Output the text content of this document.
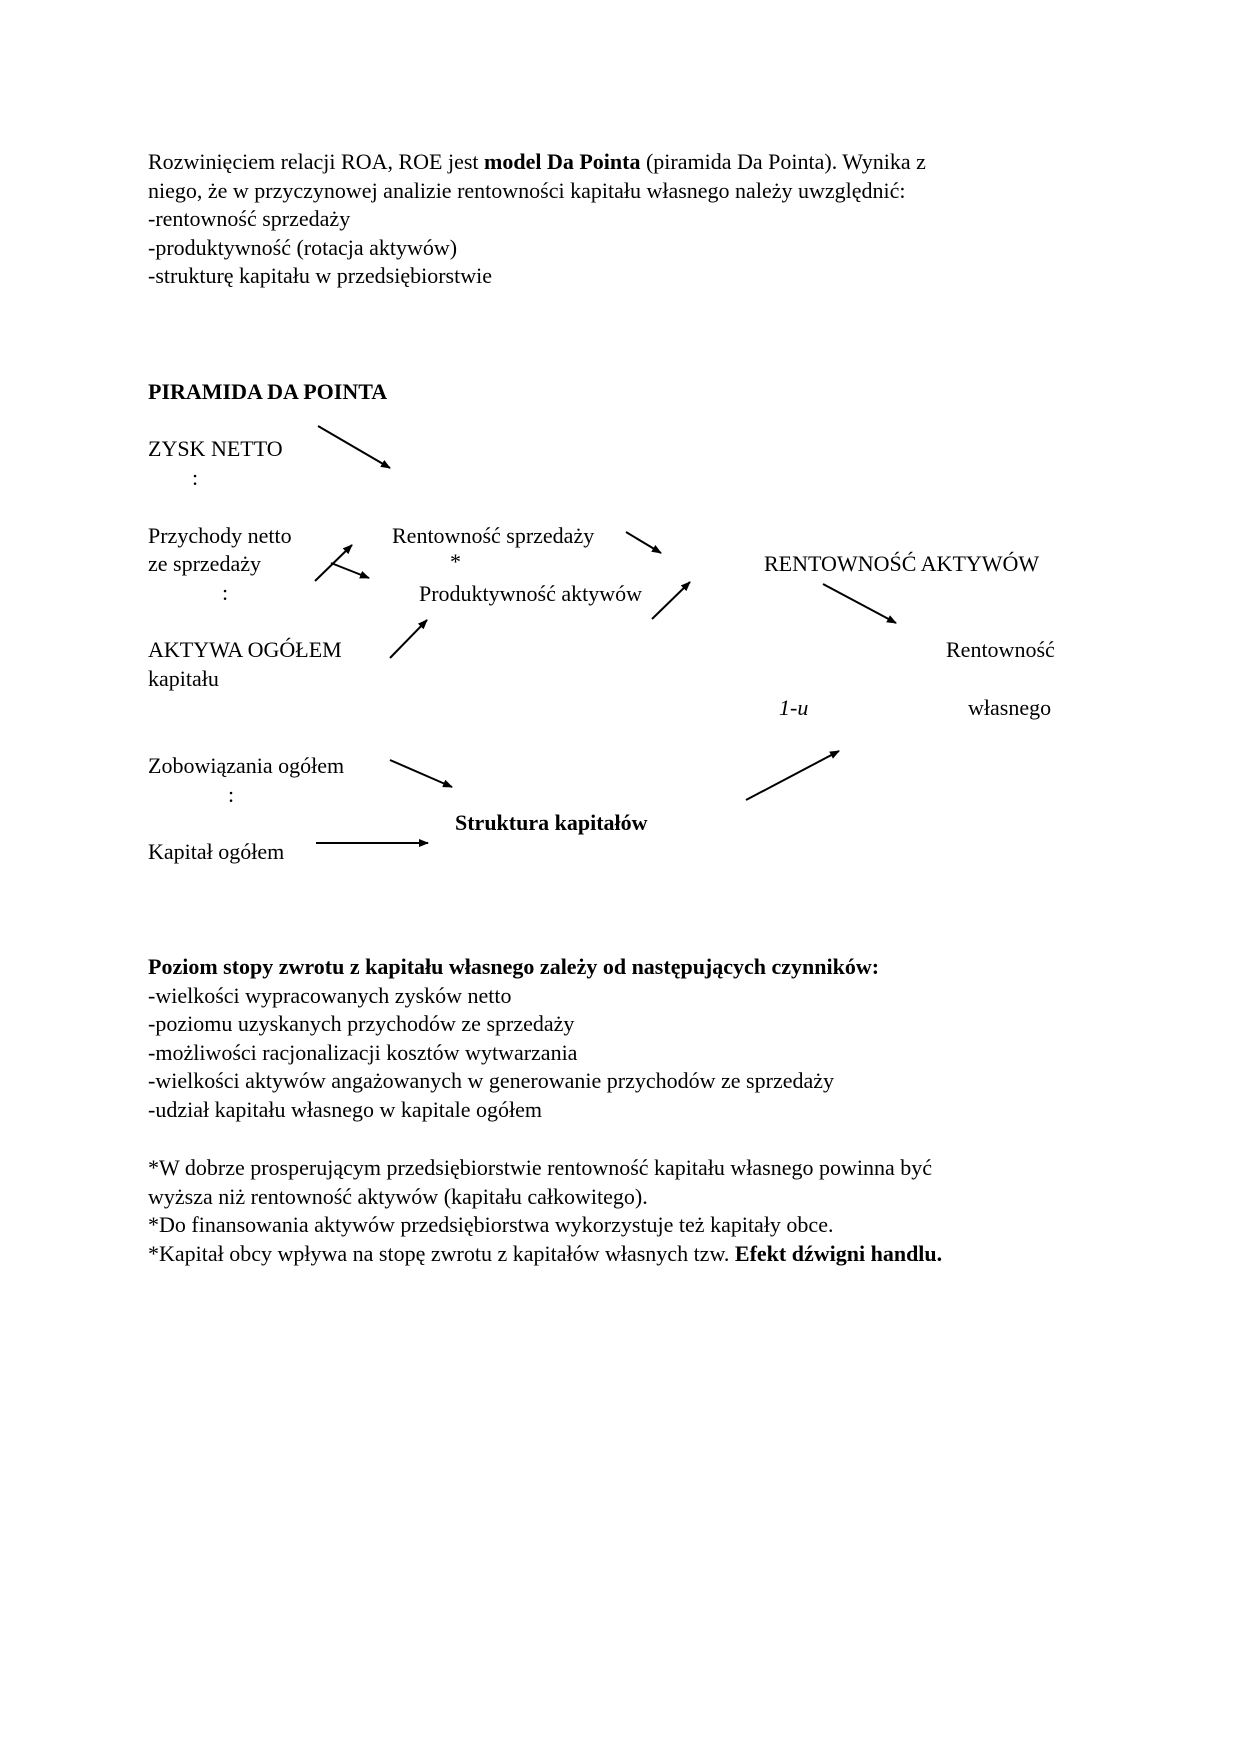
Rozwinięciem relacji ROA, ROE jest model Da Pointa (piramida Da Pointa). Wynika z
niego, że w przyczynowej analizie rentowności kapitału własnego należy uwzględnić:
-rentowność sprzedaży
-produktywność (rotacja aktywów)
-strukturę kapitału w przedsiębiorstwie
PIRAMIDA DA POINTA
ZYSK NETTO
:
Przychody netto
ze sprzedaży
:
AKTYWA OGÓŁEM
kapitału
Rentowność sprzedaży
*
Produktywność aktywów
RENTOWNOŚĆ AKTYWÓW
Rentowność
1-u	własnego
Zobowiązania ogółem
:
Kapitał ogółem
Struktura kapitałów
Poziom stopy zwrotu z kapitału własnego zależy od następujących czynników:
-wielkości wypracowanych zysków netto
-poziomu uzyskanych przychodów ze sprzedaży
-możliwości racjonalizacji kosztów wytwarzania
-wielkości aktywów angażowanych w generowanie przychodów ze sprzedaży
-udział kapitału własnego w kapitale ogółem
*W dobrze prosperującym przedsiębiorstwie rentowność kapitału własnego powinna być
wyższa niż rentowność aktywów (kapitału całkowitego).
*Do finansowania aktywów przedsiębiorstwa wykorzystuje też kapitały obce.
*Kapitał obcy wpływa na stopę zwrotu z kapitałów własnych tzw. Efekt dźwigni handlu.
